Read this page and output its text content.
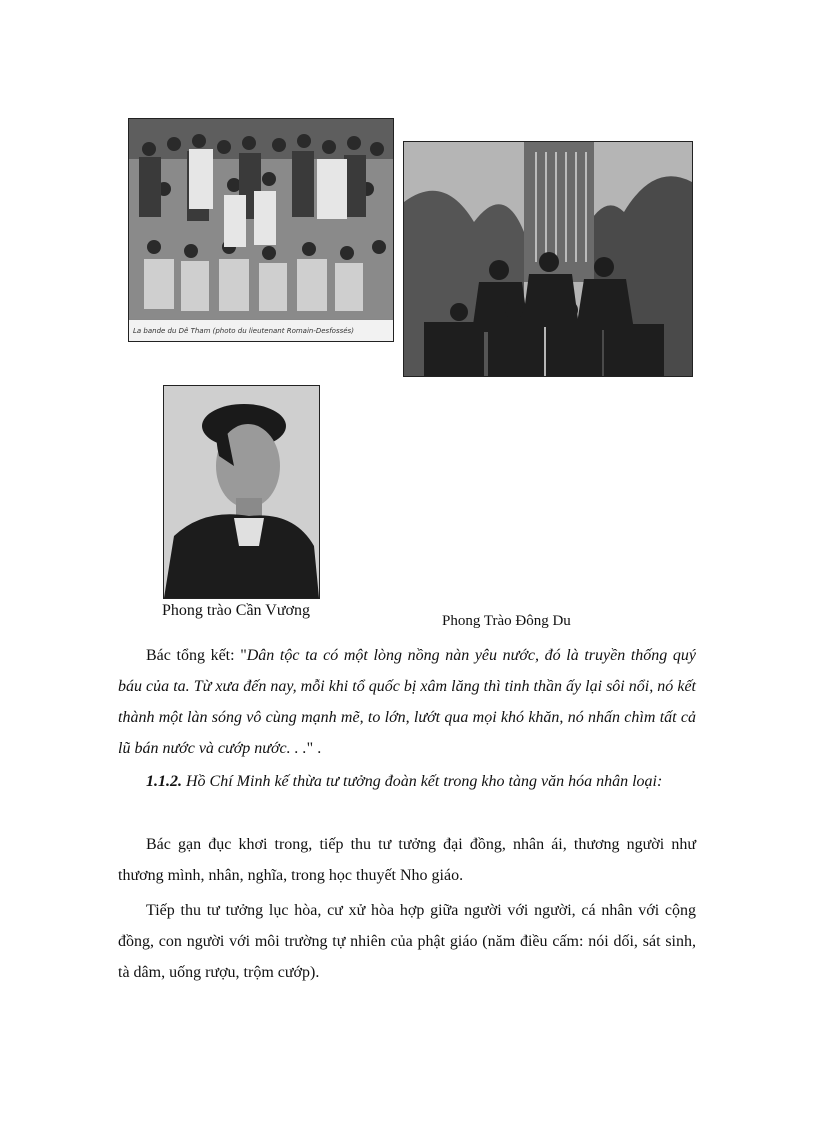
La bande du Dê Tham (photo du lieutenant Romain-Desfossés)
Phong trào Cần Vương
Phong Trào Đông Du

Bác tổng kết: "Dân tộc ta có một lòng nồng nàn yêu nước, đó là truyền thống quý báu của ta. Từ xưa đến nay, mỗi khi tổ quốc bị xâm lăng thì tinh thần ấy lại sôi nổi, nó kết thành một làn sóng vô cùng mạnh mẽ, to lớn, lướt qua mọi khó khăn, nó nhấn chìm tất cả lũ bán nước và cướp nước. . ." .

1.1.2. Hồ Chí Minh kế thừa tư tưởng đoàn kết trong kho tàng văn hóa nhân loại:

Bác gạn đục khơi trong, tiếp thu tư tưởng đại đồng, nhân ái, thương người như thương mình, nhân, nghĩa, trong học thuyết Nho giáo.

Tiếp thu tư tưởng lục hòa, cư xử hòa hợp giữa người với người, cá nhân với cộng đồng, con người với môi trường tự nhiên của phật giáo (năm điều cấm: nói dối, sát sinh, tà dâm, uống rượu, trộm cướp).
